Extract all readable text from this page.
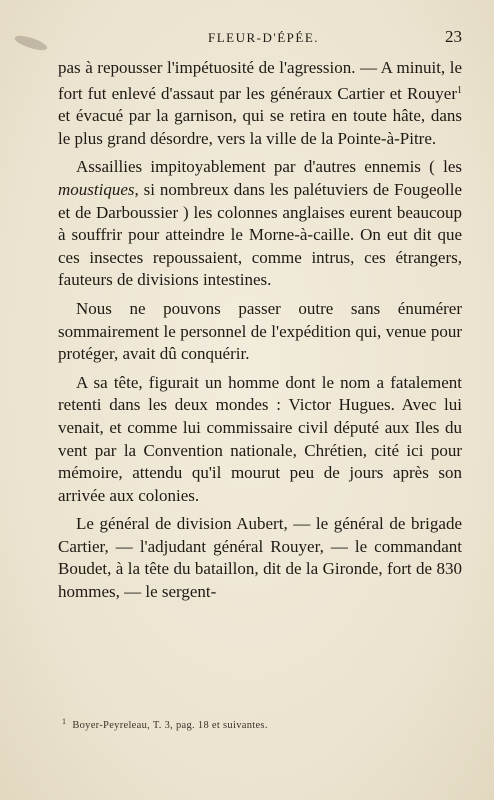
FLEUR-D'ÉPÉE.	23

pas à repousser l'impétuosité de l'agression. — A minuit, le fort fut enlevé d'assaut par les généraux Cartier et Rouyer$^1$ et évacué par la garnison, qui se retira en toute hâte, dans le plus grand désordre, vers la ville de la Pointe-à-Pitre.

Assaillies impitoyablement par d'autres ennemis ( les moustiques, si nombreux dans les palétuviers de Fougeolle et de Darboussier ) les colonnes anglaises eurent beaucoup à souffrir pour atteindre le Morne-à-caille. On eut dit que ces insectes repoussaient, comme intrus, ces étrangers, fauteurs de divisions intestines.

Nous ne pouvons passer outre sans énumérer sommairement le personnel de l'expédition qui, venue pour protéger, avait dû conquérir.

A sa tête, figurait un homme dont le nom a fatalement retenti dans les deux mondes : Victor Hugues. Avec lui venait, et comme lui commissaire civil député aux Iles du vent par la Convention nationale, Chrétien, cité ici pour mémoire, attendu qu'il mourut peu de jours après son arrivée aux colonies.

Le général de division Aubert, — le général de brigade Cartier, — l'adjudant général Rouyer, — le commandant Boudet, à la tête du bataillon, dit de la Gironde, fort de 830 hommes, — le sergent-

$^1$ Boyer-Peyreleau, T. 3, pag. 18 et suivantes.
